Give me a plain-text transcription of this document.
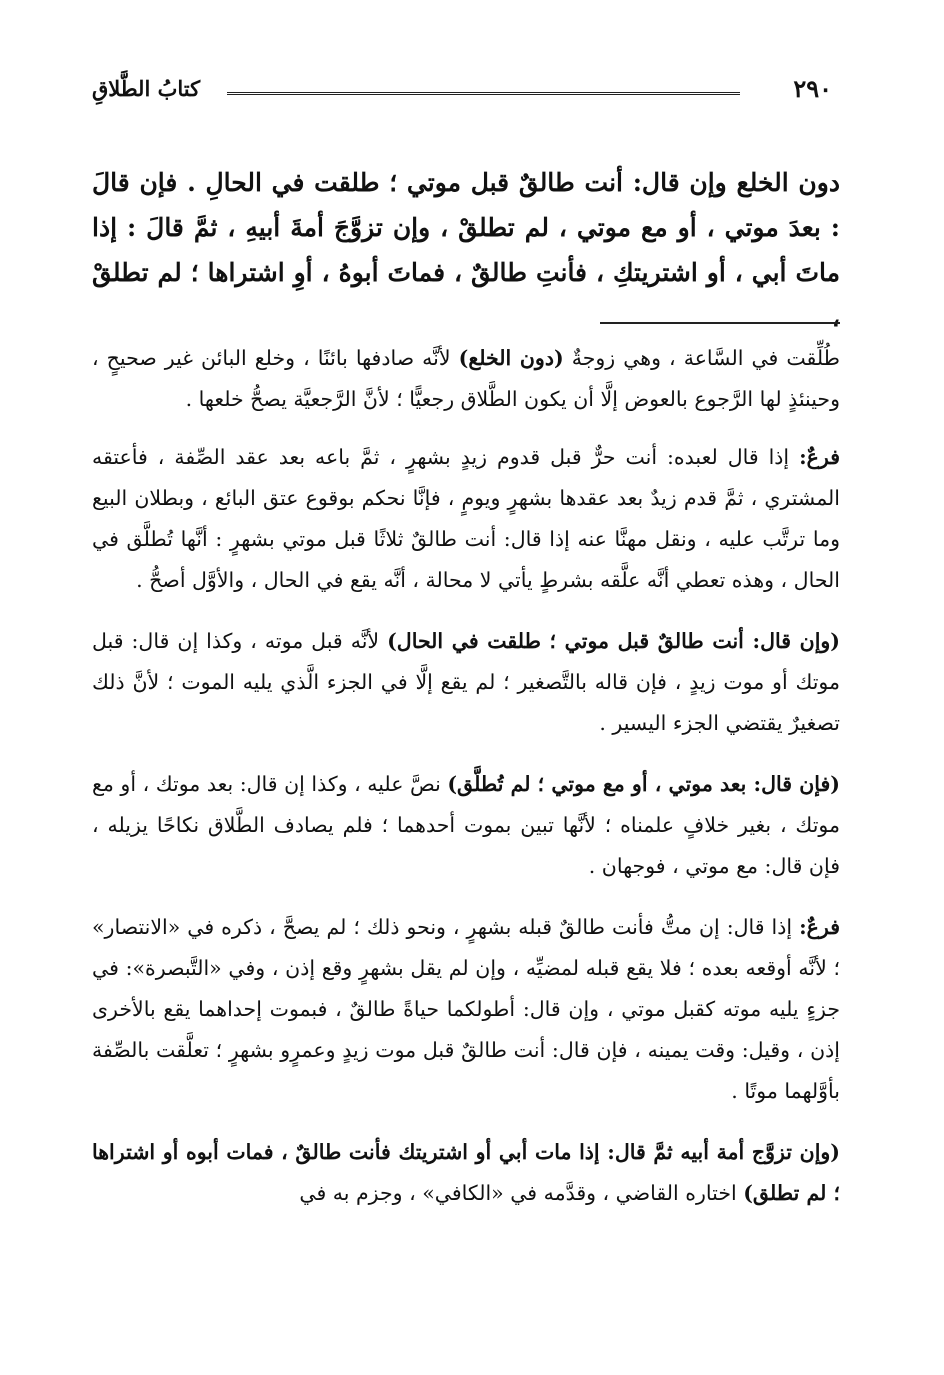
٢٩٠
كتابُ الطَّلاقِ

دون الخلع وإن قال: أنت طالقٌ قبل موتي ؛ طلقت في الحالِ . فإن قالَ : بعدَ موتي ، أو مع موتي ، لم تطلقْ ، وإن تزوَّجَ أمةَ أبيهِ ، ثمَّ قالَ : إذا ماتَ أبي ، أو اشتريتكِ ، فأنتِ طالقٌ ، فماتَ أبوهُ ، أوِ اشتراها ؛ لم تطلقْ ،

طُلِّقت في السَّاعة ، وهي زوجةٌ (دون الخلع) لأنَّه صادفها بائنًا ، وخلع البائن غير صحيحٍ ، وحينئذٍ لها الرَّجوع بالعوض إلَّا أن يكون الطَّلاق رجعيًّا ؛ لأنَّ الرَّجعيَّة يصحُّ خلعها .

فرعٌ: إذا قال لعبده: أنت حرٌّ قبل قدوم زيدٍ بشهرٍ ، ثمَّ باعه بعد عقد الصِّفة ، فأعتقه المشتري ، ثمَّ قدم زيدٌ بعد عقدها بشهرٍ ويومٍ ، فإنَّا نحكم بوقوع عتق البائع ، وبطلان البيع وما ترتَّب عليه ، ونقل مهنَّا عنه إذا قال: أنت طالقٌ ثلاثًا قبل موتي بشهرٍ : أنَّها تُطلَّق في الحال ، وهذه تعطي أنَّه علَّقه بشرطٍ يأتي لا محالة ، أنَّه يقع في الحال ، والأوَّل أصحُّ .

(وإن قال: أنت طالقٌ قبل موتي ؛ طلقت في الحال) لأنَّه قبل موته ، وكذا إن قال: قبل موتك أو موت زيدٍ ، فإن قاله بالتَّصغير ؛ لم يقع إلَّا في الجزء الَّذي يليه الموت ؛ لأنَّ ذلك تصغيرٌ يقتضي الجزء اليسير .

(فإن قال: بعد موتي ، أو مع موتي ؛ لم تُطلَّق) نصَّ عليه ، وكذا إن قال: بعد موتك ، أو مع موتك ، بغير خلافٍ علمناه ؛ لأنَّها تبين بموت أحدهما ؛ فلم يصادف الطَّلاق نكاحًا يزيله ، فإن قال: مع موتي ، فوجهان .

فرعٌ: إذا قال: إن متُّ فأنت طالقٌ قبله بشهرٍ ، ونحو ذلك ؛ لم يصحَّ ، ذكره في «الانتصار» ؛ لأنَّه أوقعه بعده ؛ فلا يقع قبله لمضيِّه ، وإن لم يقل بشهرٍ وقع إذن ، وفي «التَّبصرة»: في جزءٍ يليه موته كقبل موتي ، وإن قال: أطولكما حياةً طالقٌ ، فبموت إحداهما يقع بالأخرى إذن ، وقيل: وقت يمينه ، فإن قال: أنت طالقٌ قبل موت زيدٍ وعمرٍو بشهرٍ ؛ تعلَّقت بالصِّفة بأوَّلهما موتًا .

(وإن تزوَّج أمة أبيه ثمَّ قال: إذا مات أبي أو اشتريتك فأنت طالقٌ ، فمات أبوه أو اشتراها ؛ لم تطلق) اختاره القاضي ، وقدَّمه في «الكافي» ، وجزم به في
